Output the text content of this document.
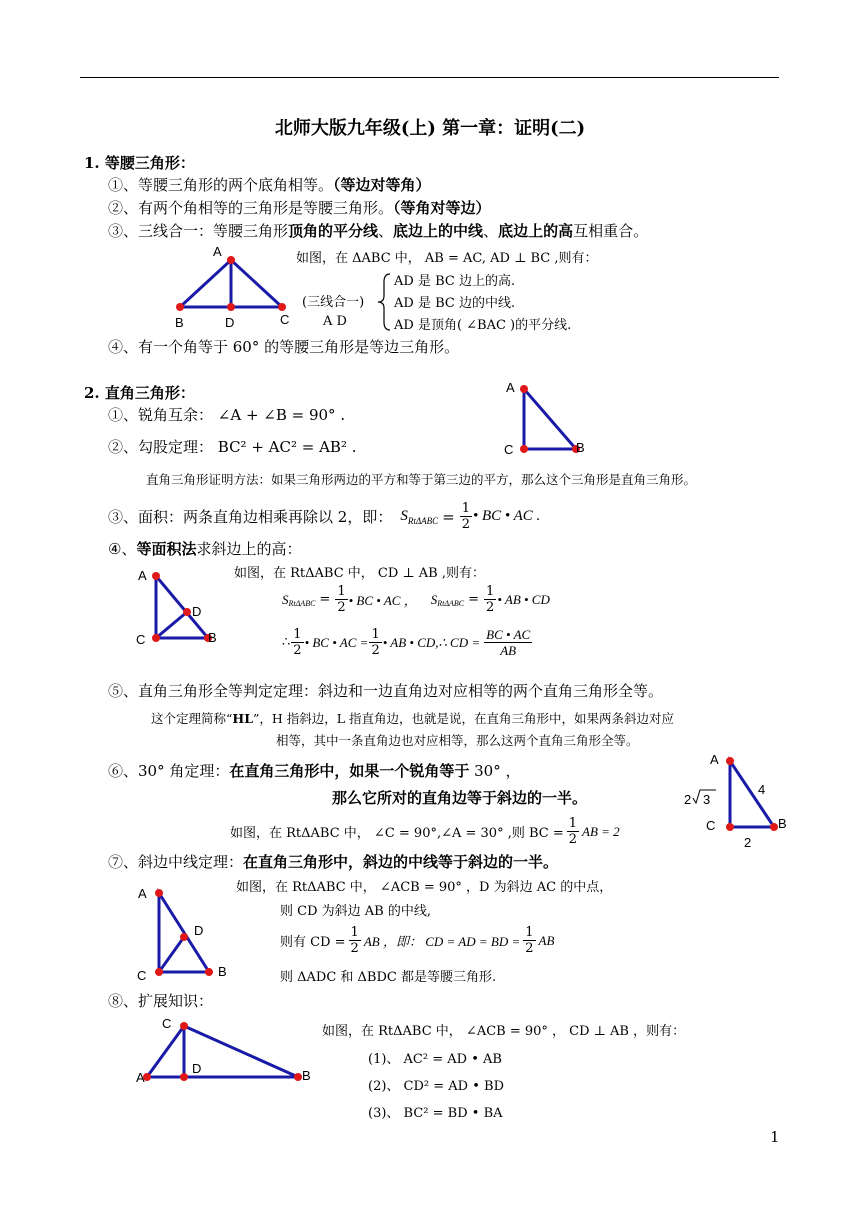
北师大版九年级(上) 第一章：证明(二)
1. 等腰三角形：
①、等腰三角形的两个底角相等。（等边对等角）
②、有两个角相等的三角形是等腰三角形。（等角对等边）
③、三线合一：等腰三角形顶角的平分线、底边上的中线、底边上的高互相重合。
A
B	D	C
如图，在 ΔABC 中， AB = AC, AD ⊥ BC ,则有：
(三线合一)
A D
AD 是 BC 边上的高.
AD 是 BC 边的中线.
AD 是顶角( ∠BAC )的平分线.
④、有一个角等于 60° 的等腰三角形是等边三角形。
2. 直角三角形：
①、锐角互余： ∠A + ∠B = 90° .
②、勾股定理： BC² + AC² = AB² .
A
C	B
直角三角形证明方法：如果三角形两边的平方和等于第三边的平方，那么这个三角形是直角三角形。
③、面积：两条直角边相乘再除以 2，即： S $Rt\Delta ABC = \frac{1}{2}$ • BC • AC .
④、等面积法求斜边上的高：
A
C	B
D
如图，在 RtΔABC 中， CD ⊥ AB ,则有：
S $Rt\Delta ABC = \frac{1}{2}$ • BC • AC ， S $Rt\Delta ABC = \frac{1}{2}$ • AB • CD
∴ $\frac{1}{2}$ • BC • AC = $\frac{1}{2}$ • AB • CD,∴ CD = $\frac{BC • AC}{AB}$
⑤、直角三角形全等判定定理：斜边和一边直角边对应相等的两个直角三角形全等。
这个定理简称“HL”，H 指斜边，L 指直角边，也就是说，在直角三角形中，如果两条斜边对应
相等，其中一条直角边也对应相等，那么这两个直角三角形全等。
⑥、30° 角定理：在直角三角形中，如果一个锐角等于 30° ，
那么它所对的直角边等于斜边的一半。
A
C	B
4
2
2 3
如图，在 RtΔABC 中， ∠C = 90°,∠A = 30° ,则 BC = $\frac{1}{2}$ AB = 2
⑦、斜边中线定理：在直角三角形中，斜边的中线等于斜边的一半。
A
C	B
D
如图，在 RtΔABC 中， ∠ACB = 90° ，D 为斜边 AC 的中点，
则 CD 为斜边 AB 的中线,
则有 CD = $\frac{1}{2}$ AB ，即： CD = AD = BD = $\frac{1}{2}$ AB
则 ΔADC 和 ΔBDC 都是等腰三角形.
⑧、扩展知识：
A
C
D	B
如图，在 RtΔABC 中， ∠ACB = 90° ， CD ⊥ AB ，则有：
(1)、 AC² = AD • AB
(2)、 CD² = AD • BD
(3)、 BC² = BD • BA
1
